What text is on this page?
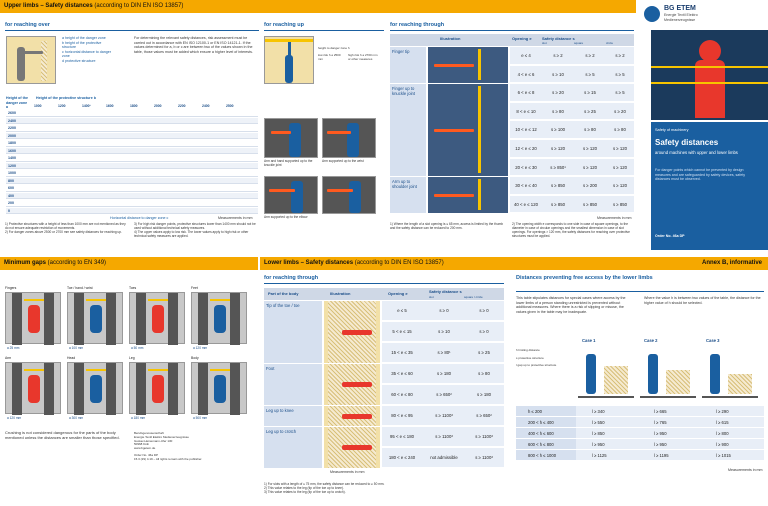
Upper limbs – Safety distances (according to DIN EN ISO 13857)
for reaching over
a height of the danger zone
b height of the protective structure
c horizontal distance to danger zone
d protective structure
For determining the relevant safety distances, risk assessment must be carried out in accordance with EN ISO 12100-1 or EN ISO 14121-1. If the values determined for a, b or c are between two of the values shown in the table, those values must be added which ensure a higher level of interests.
Height of the danger zone a
Height of the protective structure b
1000	1200	1400¹	1600	1800	2000	2200	2400	2500
2600
2400
2200
2000
1800
1600
1400
1200
1000
800
600
400
200
0
Horizontal distance to danger zone c	Measurements in mm
1) Protective structures with a height of less than 1000 mm are not mentioned as they do not ensure adequate restriction of movements.
2) For danger zones above 2500 or 2700 mm see safety distances for reaching up.
3) For high risk danger points, protective structures lower than 1400 mm should not be used without additional technical safety measures.
4) The upper values apply to low risk. The lower values apply to high risk or other technical safety measures are applied.
for reaching up
height to danger zone h
low risk h ≥ 2500 mm
high risk h ≥ 2700 mm or other measures
Arm and hand supported up to the knuckle joint
Arm supported up to the wrist
Arm supported up to the elbow
for reaching through
Illustration	Opening e	Safety distance s
slot	square	circle
Finger tip
e ≤ 4	s ≥ 2	s ≥ 2	s ≥ 2
4 < e ≤ 6	s ≥ 10	s ≥ 5	s ≥ 5
Finger up to knuckle joint	6 < e ≤ 8	s ≥ 20	s ≥ 15	s ≥ 5
8 < e ≤ 10	s ≥ 80	s ≥ 25	s ≥ 20
10 < e ≤ 12	s ≥ 100	s ≥ 80	s ≥ 80
12 < e ≤ 20	s ≥ 120	s ≥ 120	s ≥ 120
20 < e ≤ 30	s ≥ 850¹	s ≥ 120	s ≥ 120
Arm up to shoulder joint	30 < e ≤ 40	s ≥ 850	s ≥ 200	s ≥ 120
40 < e ≤ 120	s ≥ 850	s ≥ 850	s ≥ 850
Measurements in mm
1) Where the length of a slot opening is ≤ 65 mm, access is limited by the thumb and the safety distance can be reduced to 200 mm.
2) The opening width e corresponds to one side in case of square openings, to the diameter in case of circular openings and the smallest dimension in case of slot openings. For openings > 120 mm, the safety distances for reaching over protective structures must be applied.
BG ETEM
Energie Textil Elektro
Medienerzeugnisse
Safety of machinery
Safety distances
around machines with upper and lower limbs
For danger points which cannot be prevented by design measures and are safeguarded by safety devices, safety distances must be observed.
Order No. 46a DP
Minimum gaps (according to EN 349)	Lower limbs – Safety distances (according to DIN EN ISO 13857)	Annex B, informative
Fingers
a 25 mm
Toe / hand / wrist
a 100 mm
Toes
a 50 mm
Feet
a 120 mm
Arm
a 120 mm
Head
a 300 mm
Leg
a 180 mm
Body
a 500 mm
Crushing is not considered dangerous for the parts of the body mentioned unless the distances are smaller than those specified.
Berufsgenossenschaft
Energie Textil Elektro Medienerzeugnisse
Gustav-Heinemann-Ufer 130
50968 Köln
www.bgetem.de
Order No. 46a DP
15.3 (29) 4.19 – All rights remain with the publisher.
for reaching through
Part of the body	Illustration	Opening e	Safety distance s
slot	square / circle
Tip of the toe / toe
e ≤ 5	s ≥ 0	s ≥ 0
5 < e ≤ 15	s ≥ 10	s ≥ 0
15 < e ≤ 35	s ≥ 80¹	s ≥ 25
Foot
35 < e ≤ 60	s ≥ 180	s ≥ 80
60 < e ≤ 80	s ≥ 650²	s ≥ 180
Leg up to knee
80 < e ≤ 95	s ≥ 1100³	s ≥ 650²
Leg up to crotch
95 < e ≤ 180	s ≥ 1100³	s ≥ 1100³
180 < e ≤ 240	not admissible	s ≥ 1100³
Measurements in mm
1) For slots with a length of ≤ 75 mm, the safety distance can be reduced to ≥ 50 mm.
2) This value relates to the leg (tip of the toe up to knee).
3) This value relates to the leg (tip of the toe up to crotch).
Distances preventing free access by the lower limbs
This table stipulates distances for special cases where access by the lower limbs of a person standing unrestricted is prevented without additional measures. Where there is a risk of slipping or misuse, the values given in the table may be inadequate.
Where the value h is between two values of the table, the distance for the higher value of h should be selected.
h limiting distance
s protective structure
l gap up to protective structure
Case 1	Case 2	Case 3
h ≤ 200	l ≥ 340	l ≥ 665	l ≥ 290
200 < h ≤ 400	l ≥ 550	l ≥ 765	l ≥ 615
400 < h ≤ 600	l ≥ 850	l ≥ 950	l ≥ 800
600 < h ≤ 800	l ≥ 950	l ≥ 950	l ≥ 900
800 < h ≤ 1000	l ≥ 1125	l ≥ 1195	l ≥ 1015
Measurements in mm
